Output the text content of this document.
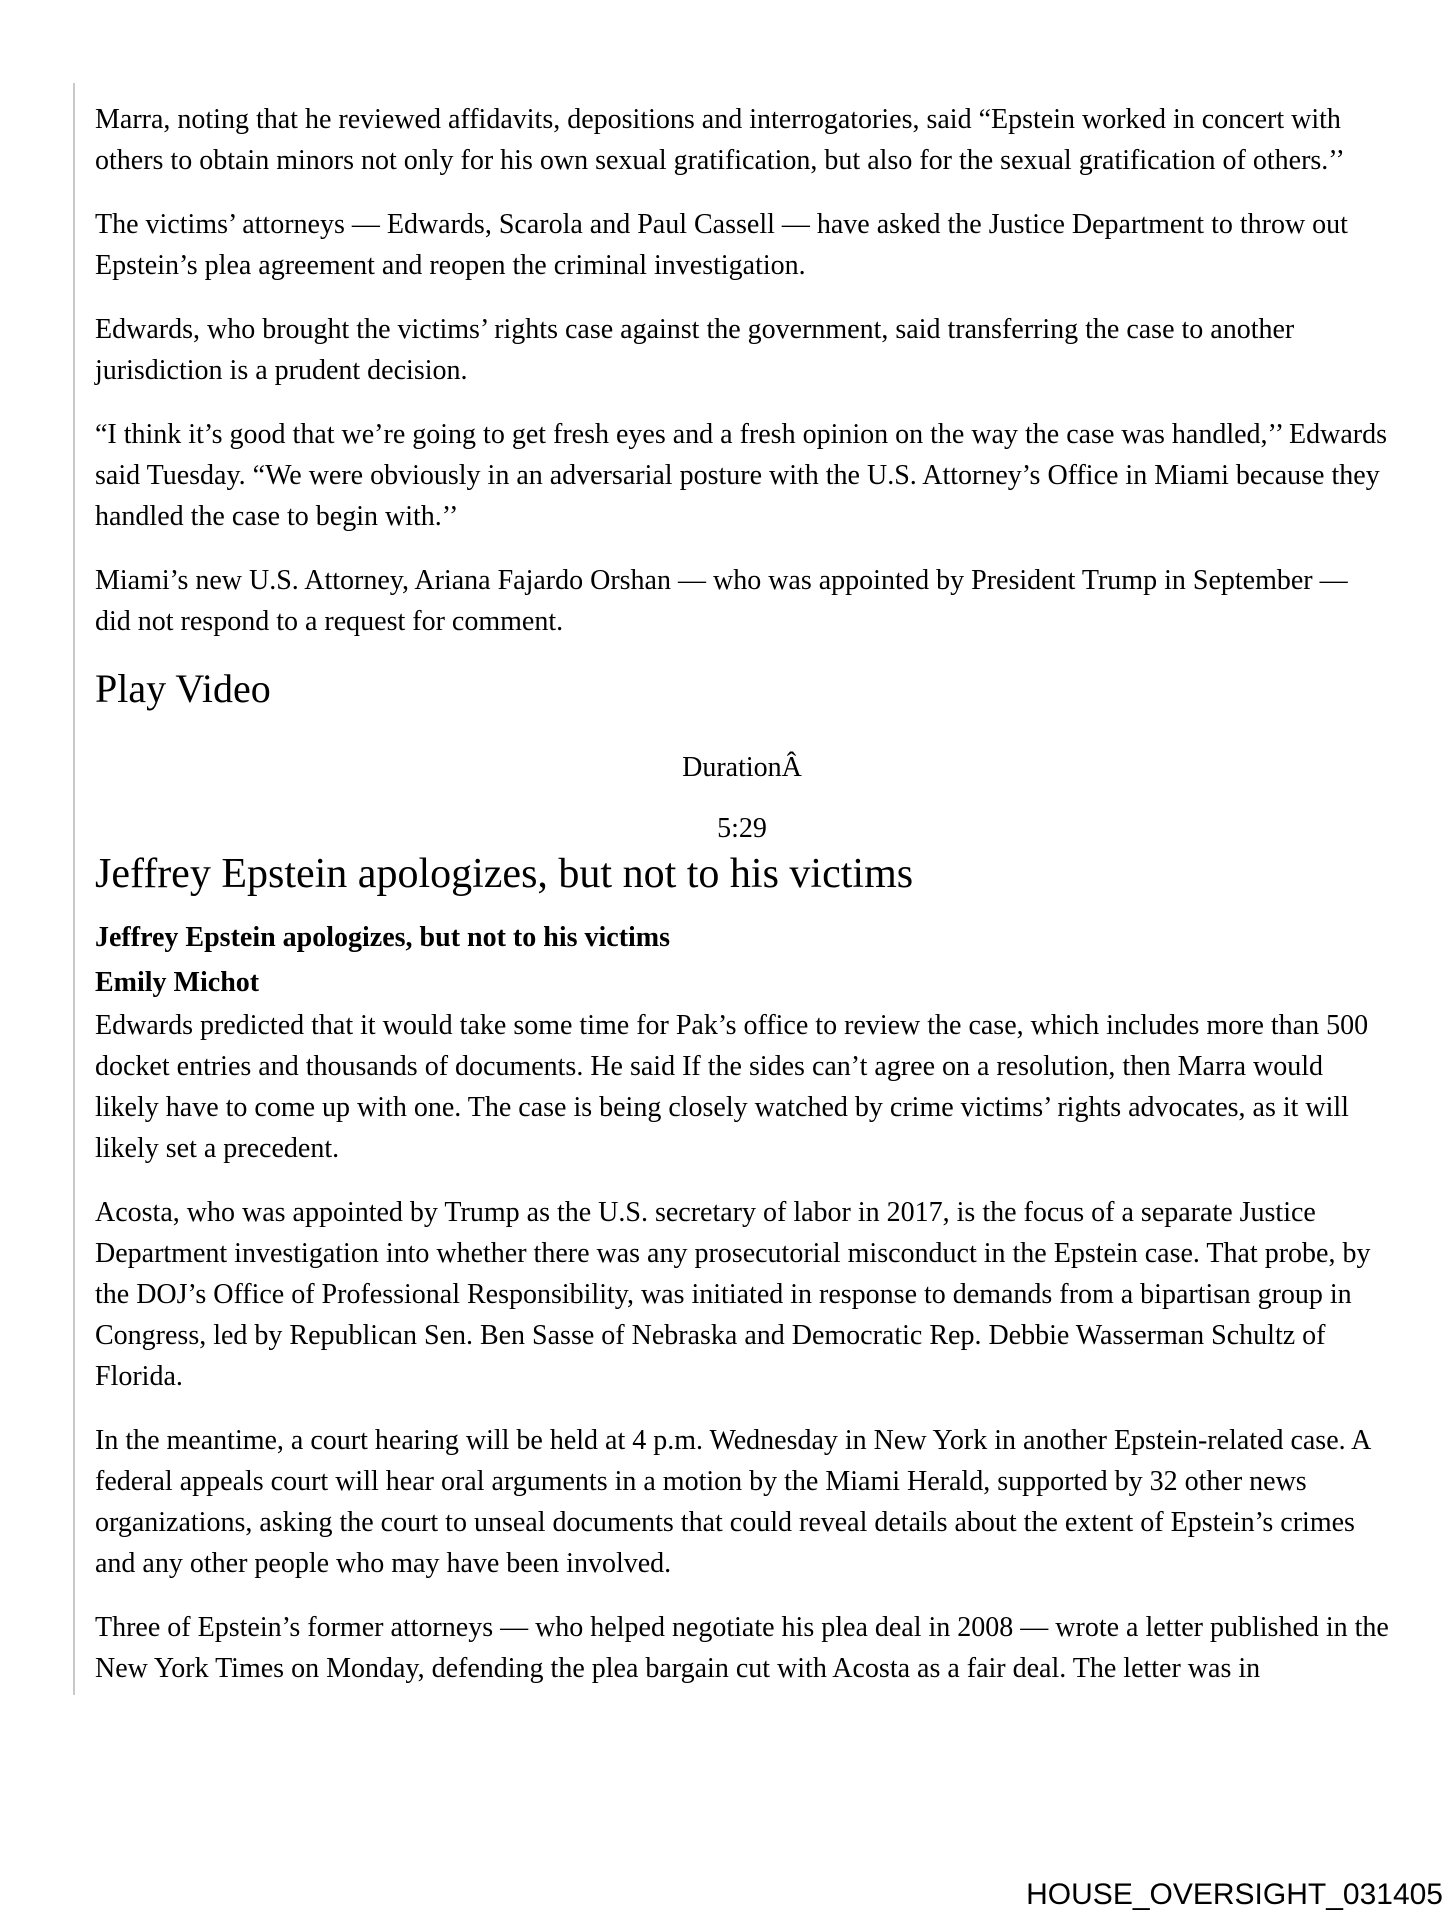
Marra, noting that he reviewed affidavits, depositions and interrogatories, said “Epstein worked in concert with others to obtain minors not only for his own sexual gratification, but also for the sexual gratification of others.’’

The victims’ attorneys — Edwards, Scarola and Paul Cassell — have asked the Justice Department to throw out Epstein’s plea agreement and reopen the criminal investigation.

Edwards, who brought the victims’ rights case against the government, said transferring the case to another jurisdiction is a prudent decision.

“I think it’s good that we’re going to get fresh eyes and a fresh opinion on the way the case was handled,’’ Edwards said Tuesday. “We were obviously in an adversarial posture with the U.S. Attorney’s Office in Miami because they handled the case to begin with.’’

Miami’s new U.S. Attorney, Ariana Fajardo Orshan — who was appointed by President Trump in September — did not respond to a request for comment.

Play Video
DurationÂ
5:29
Jeffrey Epstein apologizes, but not to his victims
Jeffrey Epstein apologizes, but not to his victims
Emily Michot

Edwards predicted that it would take some time for Pak’s office to review the case, which includes more than 500 docket entries and thousands of documents. He said If the sides can’t agree on a resolution, then Marra would likely have to come up with one. The case is being closely watched by crime victims’ rights advocates, as it will likely set a precedent.

Acosta, who was appointed by Trump as the U.S. secretary of labor in 2017, is the focus of a separate Justice Department investigation into whether there was any prosecutorial misconduct in the Epstein case. That probe, by the DOJ’s Office of Professional Responsibility, was initiated in response to demands from a bipartisan group in Congress, led by Republican Sen. Ben Sasse of Nebraska and Democratic Rep. Debbie Wasserman Schultz of Florida.

In the meantime, a court hearing will be held at 4 p.m. Wednesday in New York in another Epstein-related case. A federal appeals court will hear oral arguments in a motion by the Miami Herald, supported by 32 other news organizations, asking the court to unseal documents that could reveal details about the extent of Epstein’s crimes and any other people who may have been involved.

Three of Epstein’s former attorneys — who helped negotiate his plea deal in 2008 — wrote a letter published in the New York Times on Monday, defending the plea bargain cut with Acosta as a fair deal. The letter was in

HOUSE_OVERSIGHT_031405
